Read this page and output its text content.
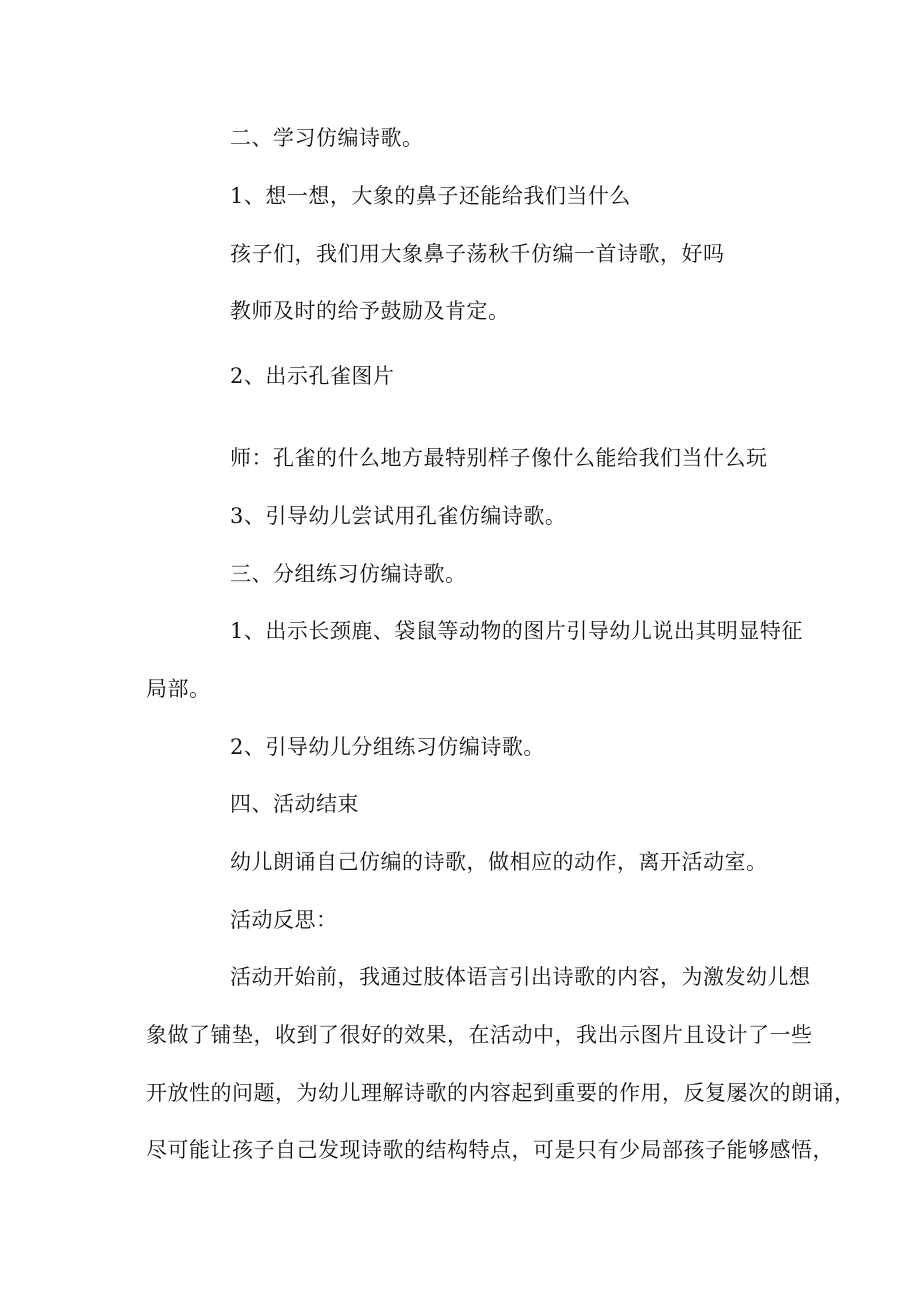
二、学习仿编诗歌。
1、想一想，大象的鼻子还能给我们当什么
孩子们，我们用大象鼻子荡秋千仿编一首诗歌，好吗
教师及时的给予鼓励及肯定。
2、出示孔雀图片
师：孔雀的什么地方最特别样子像什么能给我们当什么玩
3、引导幼儿尝试用孔雀仿编诗歌。
三、分组练习仿编诗歌。
1、出示长颈鹿、袋鼠等动物的图片引导幼儿说出其明显特征
局部。
2、引导幼儿分组练习仿编诗歌。
四、活动结束
幼儿朗诵自己仿编的诗歌，做相应的动作，离开活动室。
活动反思：
活动开始前，我通过肢体语言引出诗歌的内容，为激发幼儿想
象做了铺垫，收到了很好的效果，在活动中，我出示图片且设计了一些
开放性的问题，为幼儿理解诗歌的内容起到重要的作用，反复屡次的朗诵，
尽可能让孩子自己发现诗歌的结构特点，可是只有少局部孩子能够感悟，
